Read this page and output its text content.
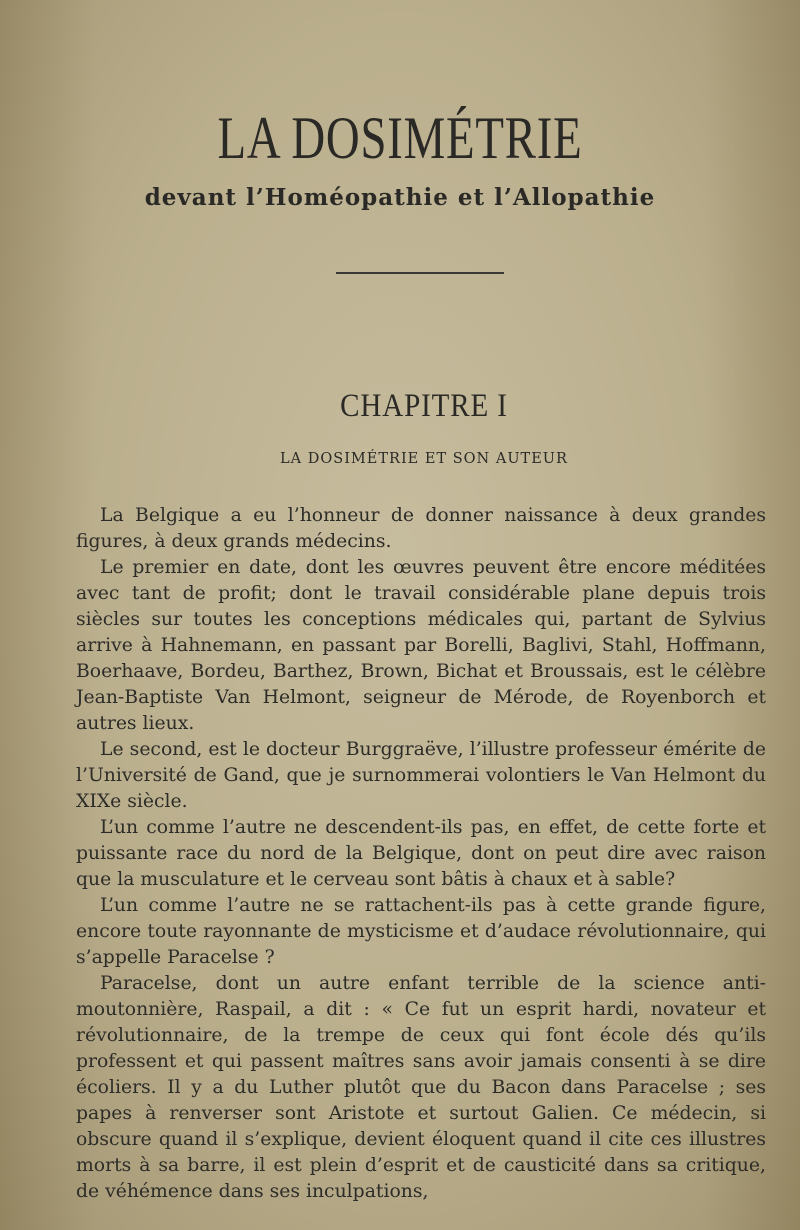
LA DOSIMÉTRIE
devant l’Homéopathie et l’Allopathie
CHAPITRE I
LA DOSIMÉTRIE ET SON AUTEUR

La Belgique a eu l’honneur de donner naissance à deux grandes figures, à deux grands médecins.

Le premier en date, dont les œuvres peuvent être encore méditées avec tant de profit; dont le travail considérable plane depuis trois siècles sur toutes les conceptions médicales qui, partant de Sylvius arrive à Hahnemann, en passant par Borelli, Baglivi, Stahl, Hoffmann, Boerhaave, Bordeu, Barthez, Brown, Bichat et Broussais, est le célèbre Jean-Baptiste Van Helmont, seigneur de Mérode, de Royenborch et autres lieux.

Le second, est le docteur Burggraëve, l’illustre professeur émérite de l’Université de Gand, que je surnommerai volontiers le Van Helmont du XIXe siècle.

L’un comme l’autre ne descendent-ils pas, en effet, de cette forte et puissante race du nord de la Belgique, dont on peut dire avec raison que la musculature et le cerveau sont bâtis à chaux et à sable?

L’un comme l’autre ne se rattachent-ils pas à cette grande figure, encore toute rayonnante de mysticisme et d’audace révolutionnaire, qui s’appelle Paracelse ?

Paracelse, dont un autre enfant terrible de la science anti-moutonnière, Raspail, a dit : « Ce fut un esprit hardi, novateur et révolutionnaire, de la trempe de ceux qui font école dés qu’ils professent et qui passent maîtres sans avoir jamais consenti à se dire écoliers. Il y a du Luther plutôt que du Bacon dans Paracelse ; ses papes à renverser sont Aristote et surtout Galien. Ce médecin, si obscure quand il s’explique, devient éloquent quand il cite ces illustres morts à sa barre, il est plein d’esprit et de causticité dans sa critique, de véhémence dans ses inculpations,
